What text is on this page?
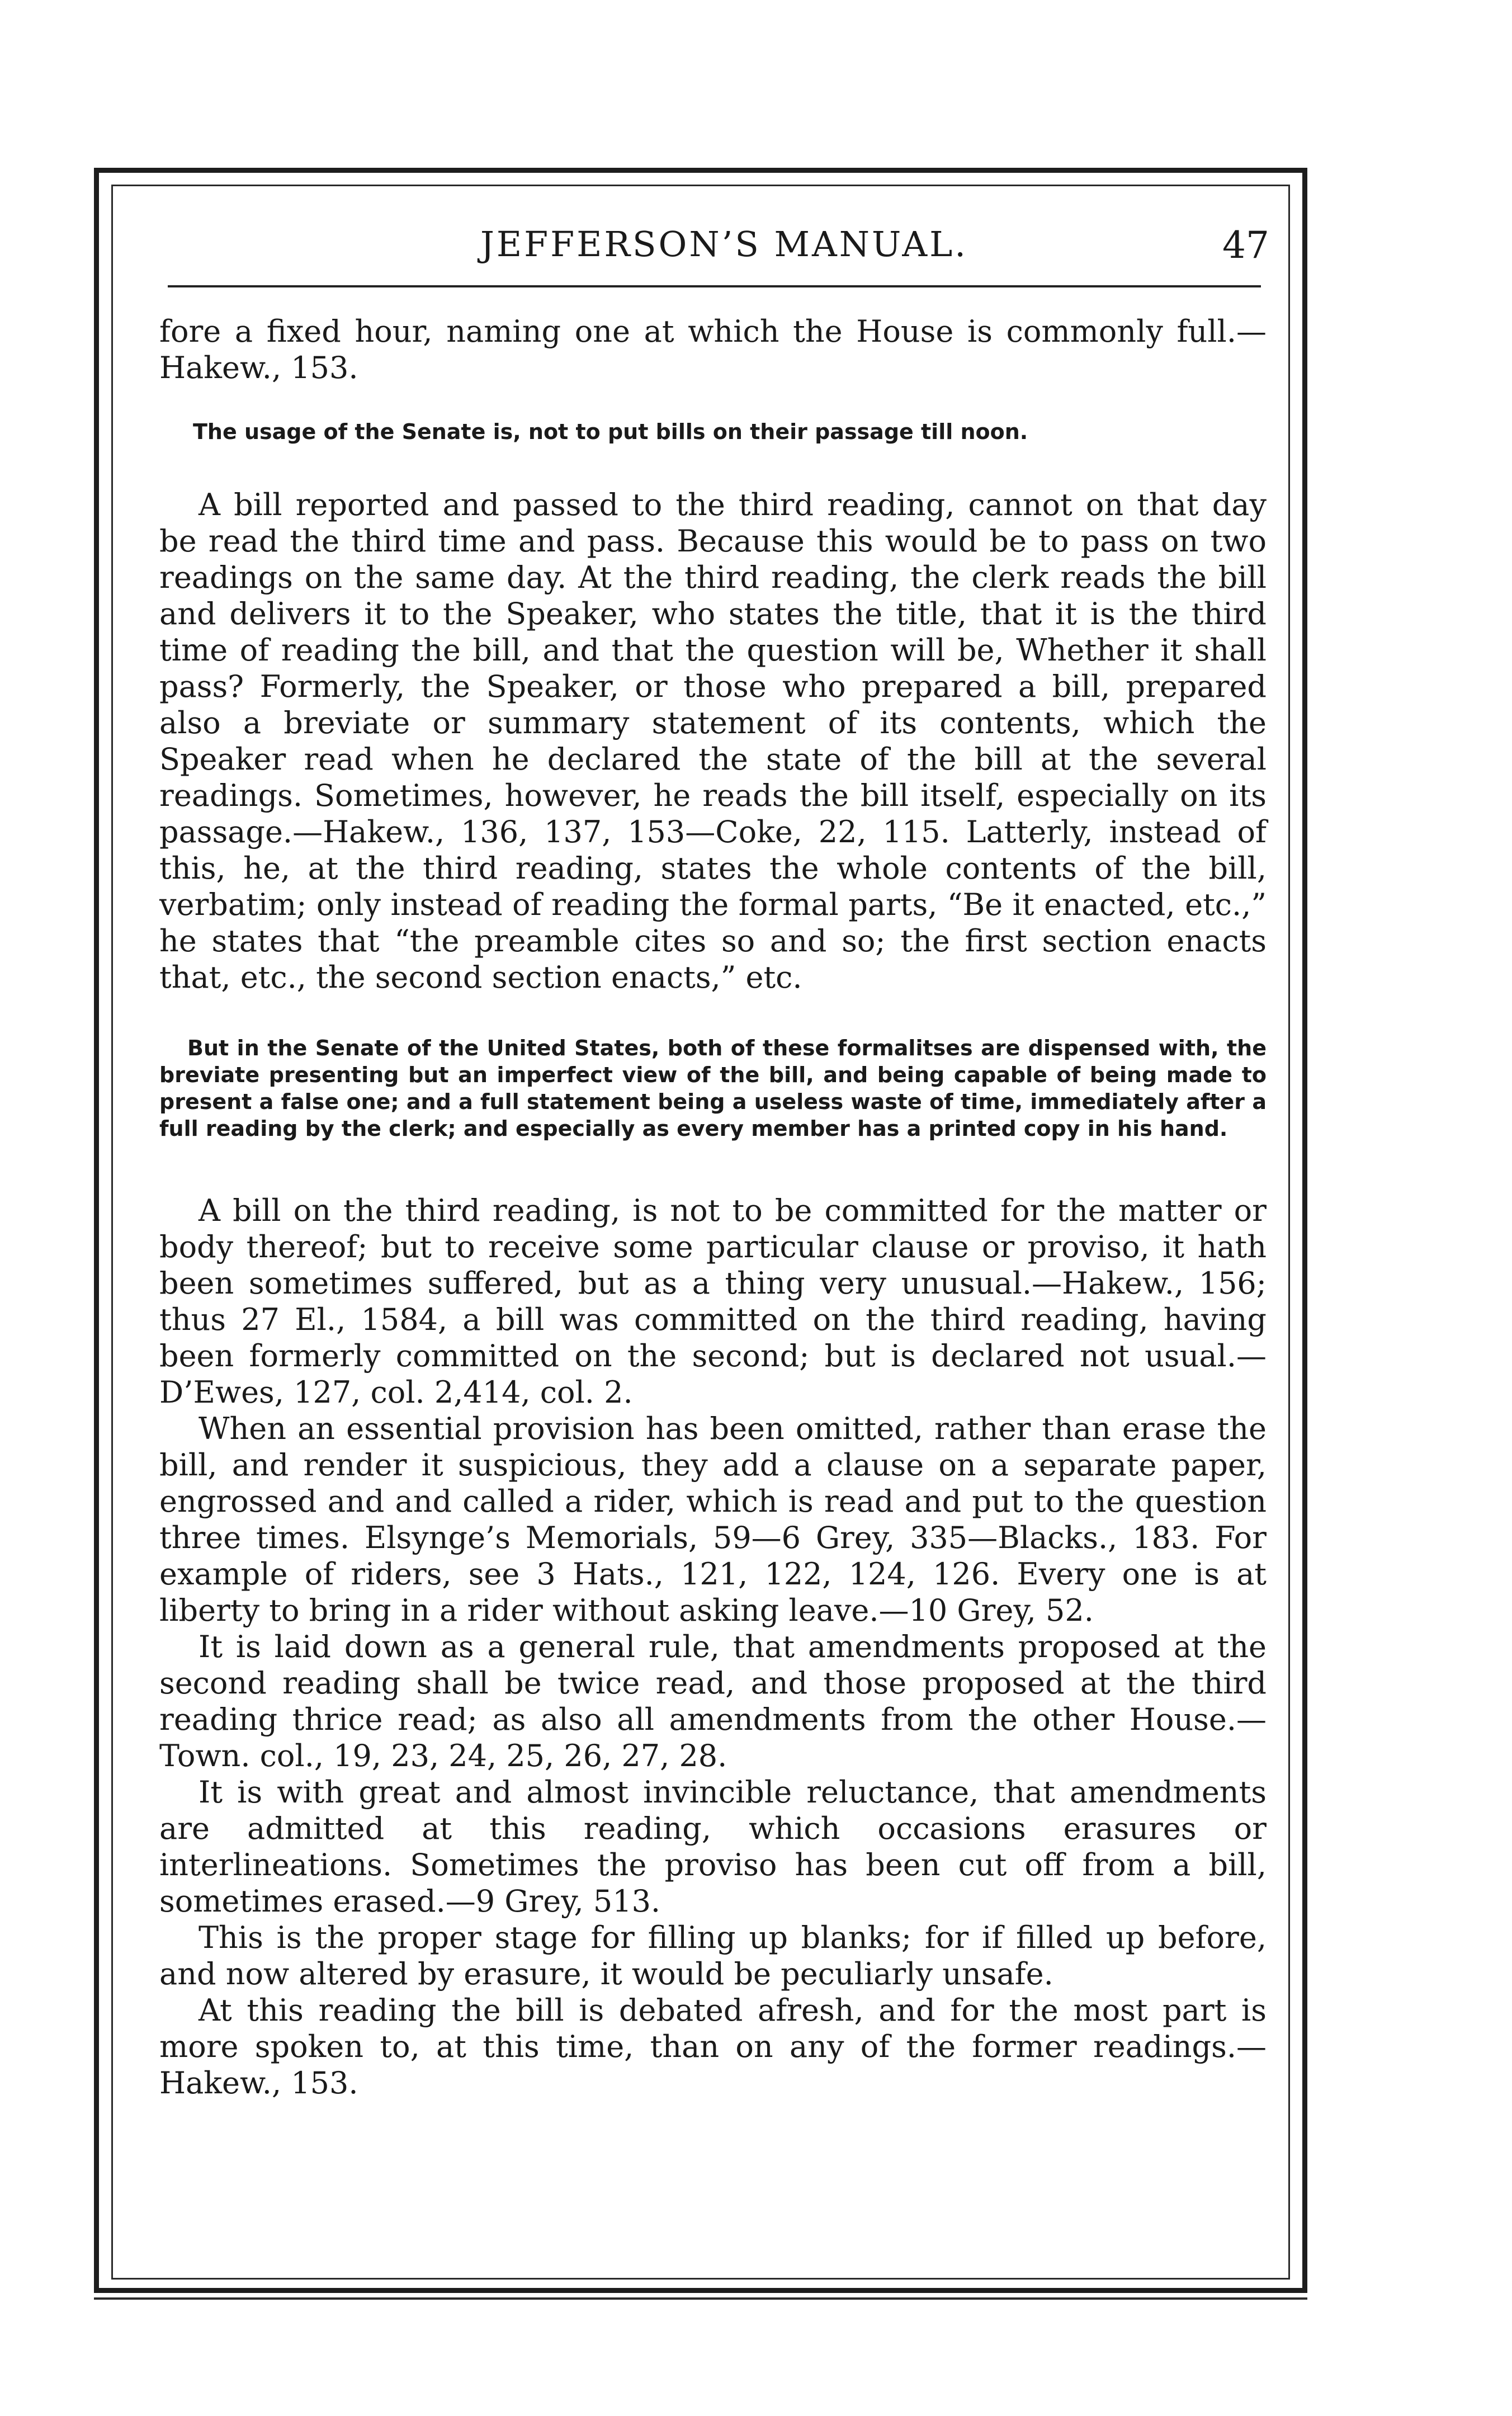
JEFFERSON’S MANUAL.	47

fore a fixed hour, naming one at which the House is commonly full.—Hakew., 153.

The usage of the Senate is, not to put bills on their passage till noon.

A bill reported and passed to the third reading, cannot on that day be read the third time and pass. Because this would be to pass on two readings on the same day. At the third reading, the clerk reads the bill and delivers it to the Speaker, who states the title, that it is the third time of reading the bill, and that the question will be, Whether it shall pass? Formerly, the Speaker, or those who prepared a bill, prepared also a breviate or summary statement of its contents, which the Speaker read when he declared the state of the bill at the several readings. Sometimes, however, he reads the bill itself, especially on its passage.—Hakew., 136, 137, 153—Coke, 22, 115. Latterly, instead of this, he, at the third reading, states the whole contents of the bill, verbatim; only instead of reading the formal parts, “Be it enacted, etc.,” he states that “the preamble cites so and so; the first section enacts that, etc., the second section enacts,” etc.

But in the Senate of the United States, both of these formalitses are dispensed with, the breviate presenting but an imperfect view of the bill, and being capable of being made to present a false one; and a full statement being a useless waste of time, immediately after a full reading by the clerk; and especially as every member has a printed copy in his hand.

A bill on the third reading, is not to be committed for the matter or body thereof; but to receive some particular clause or proviso, it hath been sometimes suffered, but as a thing very unusual.—Hakew., 156; thus 27 El., 1584, a bill was committed on the third reading, having been formerly committed on the second; but is declared not usual.—D’Ewes, 127, col. 2,414, col. 2.

When an essential provision has been omitted, rather than erase the bill, and render it suspicious, they add a clause on a separate paper, engrossed and and called a rider, which is read and put to the question three times. Elsynge’s Memorials, 59—6 Grey, 335—Blacks., 183. For example of riders, see 3 Hats., 121, 122, 124, 126. Every one is at liberty to bring in a rider without asking leave.—10 Grey, 52.

It is laid down as a general rule, that amendments proposed at the second reading shall be twice read, and those proposed at the third reading thrice read; as also all amendments from the other House.—Town. col., 19, 23, 24, 25, 26, 27, 28.

It is with great and almost invincible reluctance, that amendments are admitted at this reading, which occasions erasures or interlineations. Sometimes the proviso has been cut off from a bill, sometimes erased.—9 Grey, 513.

This is the proper stage for filling up blanks; for if filled up before, and now altered by erasure, it would be peculiarly unsafe.

At this reading the bill is debated afresh, and for the most part is more spoken to, at this time, than on any of the former readings.—Hakew., 153.
